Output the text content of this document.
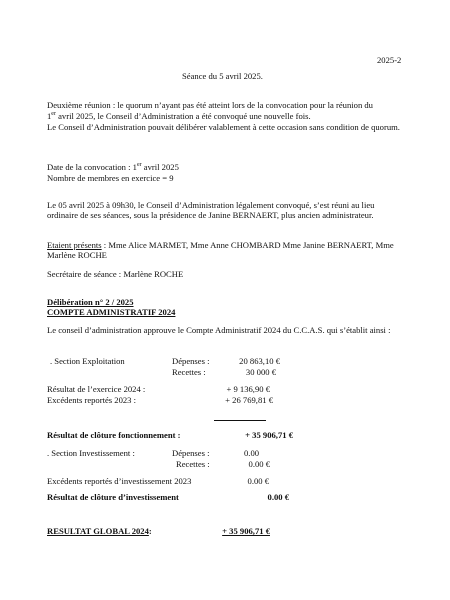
2025-2
Séance du 5 avril 2025.
Deuxième réunion : le quorum n’ayant pas été atteint lors de la convocation pour la réunion du
1er avril 2025, le Conseil d’Administration a été convoqué une nouvelle fois.
Le Conseil d’Administration pouvait délibérer valablement à cette occasion sans condition de quorum.
Date de la convocation : 1er avril 2025
Nombre de membres en exercice = 9
Le 05 avril 2025 à 09h30, le Conseil d’Administration légalement convoqué, s’est réuni au lieu ordinaire de ses séances, sous la présidence de Janine BERNAERT, plus ancien administrateur.
Etaient présents : Mme Alice MARMET, Mme Anne CHOMBARD Mme Janine BERNAERT, Mme Marlène ROCHE
Secrétaire de séance : Marlène ROCHE
Délibération n° 2 / 2025
COMPTE ADMINISTRATIF 2024
Le conseil d’administration approuve le Compte Administratif 2024 du C.C.A.S. qui s’établit ainsi :
. Section Exploitation	Dépenses :	20 863,10 €
Recettes :	30 000 €
Résultat de l’exercice 2024 :	+ 9 136,90 €
Excédents reportés 2023 :	+ 26 769,81 €
Résultat de clôture fonctionnement :	+ 35 906,71 €
. Section Investissement :	Dépenses :	0.00
Recettes :	0.00 €
Excédents reportés d’investissement 2023	0.00 €
Résultat de clôture d’investissement	0.00 €
RESULTAT GLOBAL 2024:	+ 35 906,71 €
